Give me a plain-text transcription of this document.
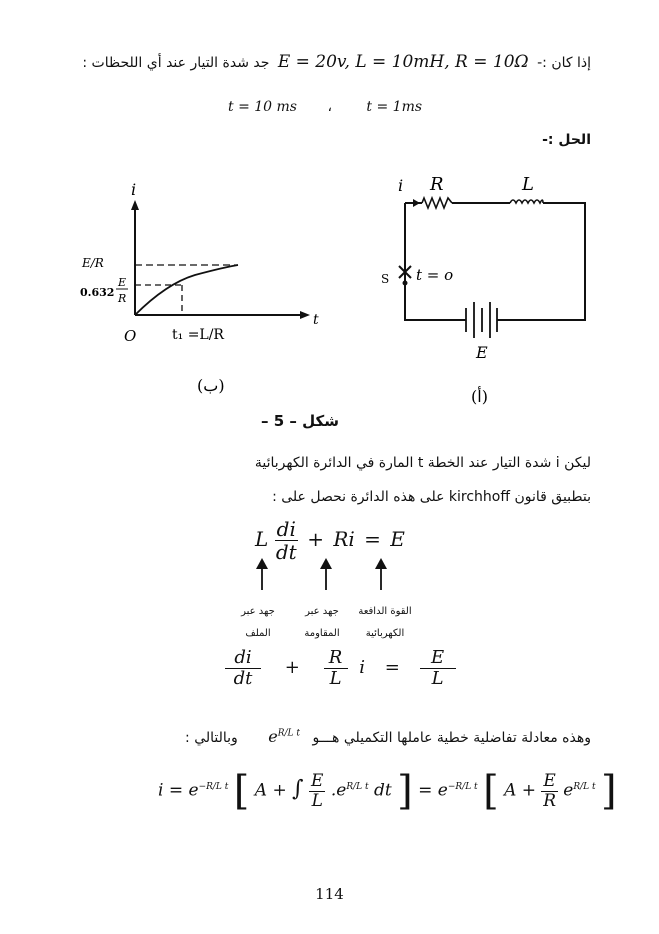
إذا كان :- E = 20v, L = 10mH, R = 10Ω جد شدة التيار عند أي اللحظات :
t = 10 ms ، t = 1ms
الحل :-
i
t
O
E/R
0.632
E
R
t₁ =L/R
(ب)
i R	L
S t = o
E
(أ)
شكل – 5 –
ليكن i شدة التيار عند الخطة t المارة في الدائرة الكهربائية
بتطبيق قانون kirchhoff على هذه الدائرة نحصل على :
L $\frac{di}{dt} + Ri = E$
جهد عبر
الملف
جهد عبر
المقاومة
القوة الدافعة
الكهربائية
$\frac{di}{dt} + \frac{R}{L}$ $i = \frac{E}{L}$
وهذه معادلة تفاضلية خطية عاملها التكميلي هـــو $e^{R/L t}$ وبالتالي :
$i = e^{-R/L t}$ [ A + ∫ $\frac{E}{L} .e^{R/L t}$ dt ] = $e^{-R/L t}$ [ $A + \frac{E}{R} e^{R/L t}$ ]
114
